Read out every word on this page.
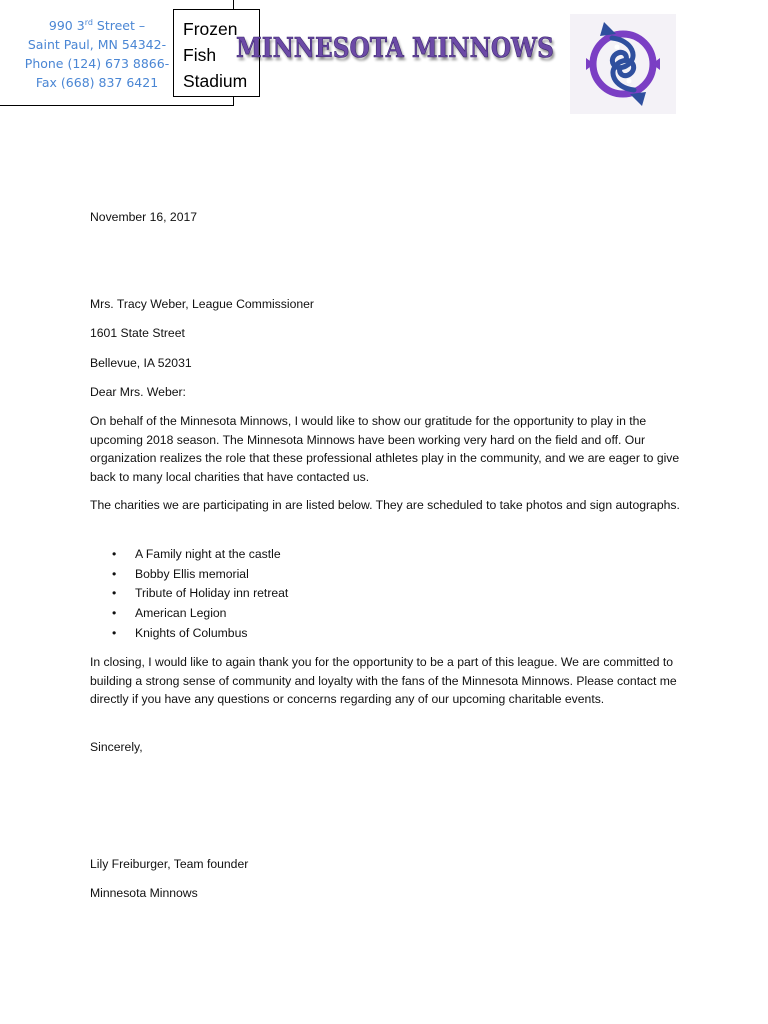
990 3rd Street –
Saint Paul, MN 54342-
Phone (124) 673 8866-
Fax (668) 837 6421
Frozen
Fish
Stadium
MINNESOTA MINNOWS
November 16, 2017
Mrs. Tracy Weber, League Commissioner
1601 State Street
Bellevue, IA 52031
Dear Mrs. Weber:
On behalf of the Minnesota Minnows, I would like to show our gratitude for the opportunity to play in the upcoming 2018 season. The Minnesota Minnows have been working very hard on the field and off. Our organization realizes the role that these professional athletes play in the community, and we are eager to give back to many local charities that have contacted us.
The charities we are participating in are listed below. They are scheduled to take photos and sign autographs.
• A Family night at the castle
• Bobby Ellis memorial
• Tribute of Holiday inn retreat
• American Legion
• Knights of Columbus
In closing, I would like to again thank you for the opportunity to be a part of this league. We are committed to building a strong sense of community and loyalty with the fans of the Minnesota Minnows. Please contact me directly if you have any questions or concerns regarding any of our upcoming charitable events.
Sincerely,
Lily Freiburger, Team founder
Minnesota Minnows
